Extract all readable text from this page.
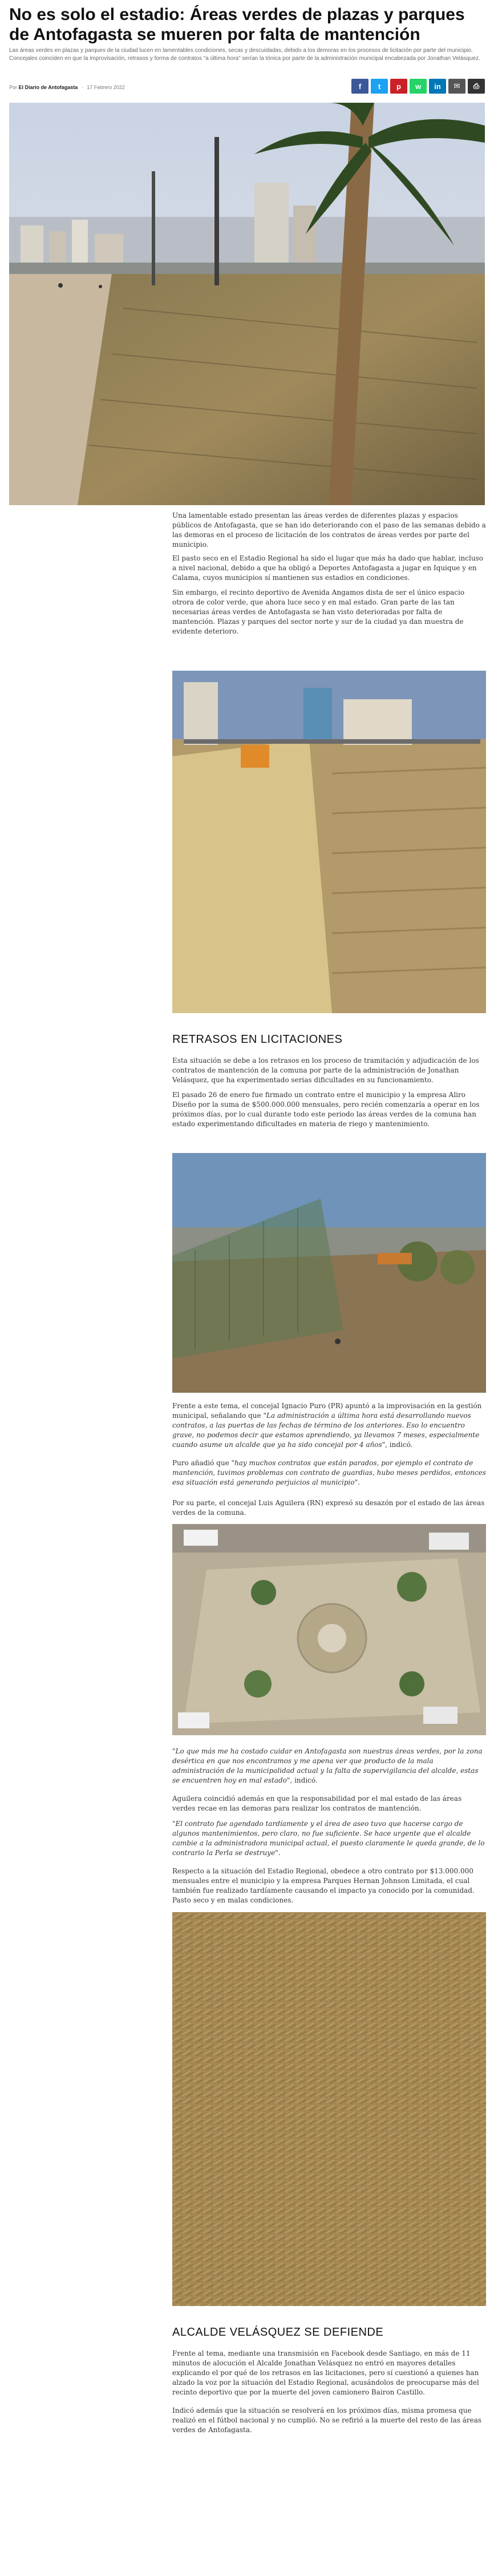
No es solo el estadio: Áreas verdes de plazas y parques de Antofagasta se mueren por falta de mantención

Las áreas verdes en plazas y parques de la ciudad lucen en lamentables condiciones, secas y descuidadas, debido a los demoras en los procesos de licitación por parte del municipio. Concejales coinciden en que la improvisación, retrasos y forma de contratos "a última hora" serían la tónica por parte de la administración municipal encabezada por Jonathan Velásquez.

Por El Diario de Antofagasta · 17 Febrero 2022	f	t	p	w	in	✉	⎙

Una lamentable estado presentan las áreas verdes de diferentes plazas y espacios públicos de Antofagasta, que se han ido deteriorando con el paso de las semanas debido a las demoras en el proceso de licitación de los contratos de áreas verdes por parte del municipio.

El pasto seco en el Estadio Regional ha sido el lugar que más ha dado que hablar, incluso a nivel nacional, debido a que ha obligó a Deportes Antofagasta a jugar en Iquique y en Calama, cuyos municipios sí mantienen sus estadios en condiciones.

Sin embargo, el recinto deportivo de Avenida Angamos dista de ser el único espacio otrora de color verde, que ahora luce seco y en mal estado. Gran parte de las tan necesarias áreas verdes de Antofagasta se han visto deterioradas por falta de mantención. Plazas y parques del sector norte y sur de la ciudad ya dan muestra de evidente deterioro.

RETRASOS EN LICITACIONES

Esta situación se debe a los retrasos en los proceso de tramitación y adjudicación de los contratos de mantención de la comuna por parte de la administración de Jonathan Velásquez, que ha experimentado serias dificultades en su funcionamiento.

El pasado 26 de enero fue firmado un contrato entre el municipio y la empresa Aliro Diseño por la suma de $500.000.000 mensuales, pero recién comenzaría a operar en los próximos días, por lo cual durante todo este periodo las áreas verdes de la comuna han estado experimentando dificultades en materia de riego y mantenimiento.

Frente a este tema, el concejal Ignacio Puro (PR) apuntó a la improvisación en la gestión municipal, señalando que "La administración a última hora está desarrollando nuevos contratos, a las puertas de las fechas de término de los anteriores. Eso lo encuentro grave, no podemos decir que estamos aprendiendo, ya llevamos 7 meses, especialmente cuando asume un alcalde que ya ha sido concejal por 4 años", indicó.

Puro añadió que "hay muchos contratos que están parados, por ejemplo el contrato de mantención, tuvimos problemas con contrato de guardias, hubo meses perdidos, entonces esa situación está generando perjuicios al municipio".

Por su parte, el concejal Luis Aguilera (RN) expresó su desazón por el estado de las áreas verdes de la comuna.

"Lo que más me ha costado cuidar en Antofagasta son nuestras áreas verdes, por la zona desértica en que nos encontramos y me apena ver que producto de la mala administración de la municipalidad actual y la falta de supervigilancia del alcalde, estas se encuentren hoy en mal estado", indicó.

Aguilera coincidió además en que la responsabilidad por el mal estado de las áreas verdes recae en las demoras para realizar los contratos de mantención.

"El contrato fue agendado tardíamente y el área de aseo tuvo que hacerse cargo de algunos mantenimientos, pero claro, no fue suficiente. Se hace urgente que el alcalde cambie a la administradora municipal actual, el puesto claramente le queda grande, de lo contrario la Perla se destruye".

Respecto a la situación del Estadio Regional, obedece a otro contrato por $13.000.000 mensuales entre el municipio y la empresa Parques Hernan Johnson Limitada, el cual también fue realizado tardíamente causando el impacto ya conocido por la comunidad. Pasto seco y en malas condiciones.

ALCALDE VELÁSQUEZ SE DEFIENDE

Frente al tema, mediante una transmisión en Facebook desde Santiago, en más de 11 minutos de alocución el Alcalde Jonathan Velásquez no entró en mayores detalles explicando el por qué de los retrasos en las licitaciones, pero sí cuestionó a quienes han alzado la voz por la situación del Estadio Regional, acusándolos de preocuparse más del recinto deportivo que por la muerte del joven camionero Bairon Castillo.

Indicó además que la situación se resolverá en los próximos días, misma promesa que realizó en el fútbol nacional y no cumplió. No se refirió a la muerte del resto de las áreas verdes de Antofagasta.
